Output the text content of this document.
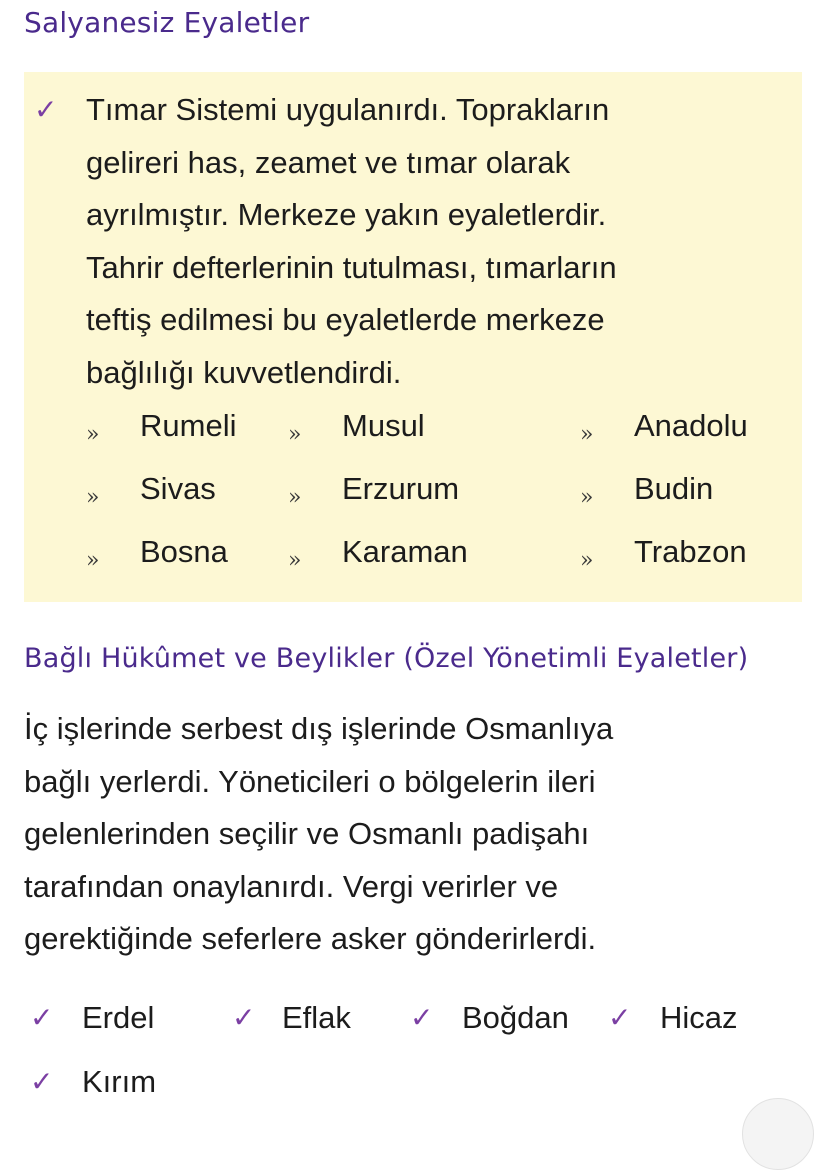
Salyanesiz Eyaletler
✓ Tımar Sistemi uygulanırdı. Toprakların
gelireri has, zeamet ve tımar olarak
ayrılmıştır. Merkeze yakın eyaletlerdir.
Tahrir defterlerinin tutulması, tımarların
teftiş edilmesi bu eyaletlerde merkeze
bağlılığı kuvvetlendirdi.

» Rumeli » Musul	» Anadolu
» Sivas	» Erzurum	» Budin
» Bosna	» Karaman	» Trabzon
Bağlı Hükûmet ve Beylikler (Özel Yönetimli Eyaletler)

İç işlerinde serbest dış işlerinde Osmanlıya
bağlı yerlerdi. Yöneticileri o bölgelerin ileri
gelenlerinden seçilir ve Osmanlı padişahı
tarafından onaylanırdı. Vergi verirler ve
gerektiğinde seferlere asker gönderirlerdi.

✓ Erdel	✓ Eflak ✓ Boğdan ✓ Hicaz
✓ Kırım
